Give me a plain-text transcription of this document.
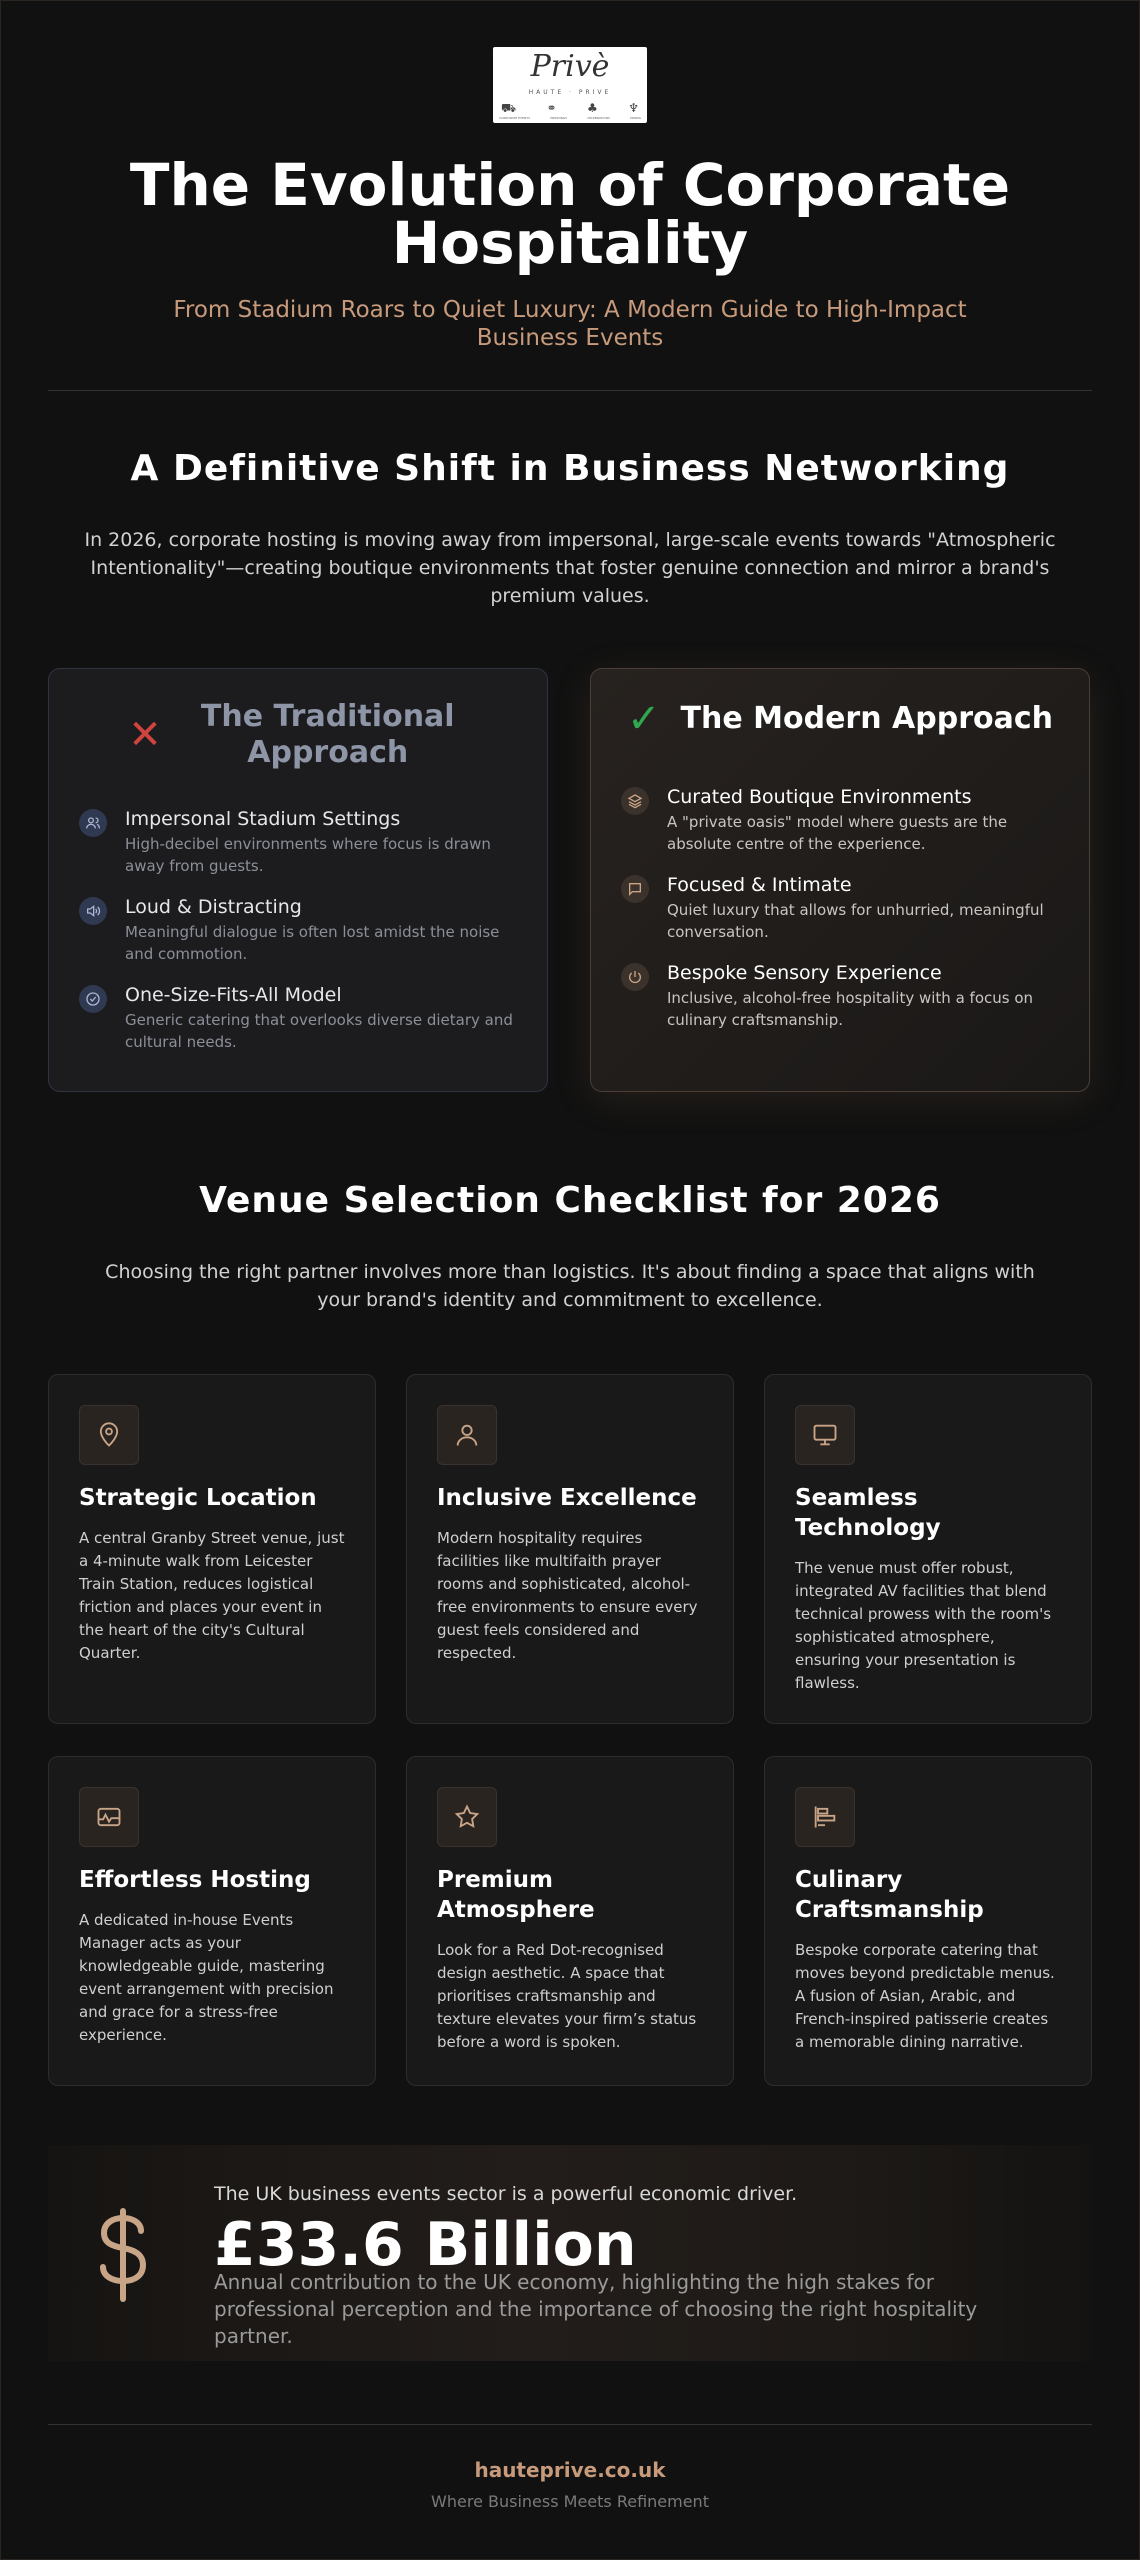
Privè
HAUTE · PRIVE
⛟	⚭	♣	♆
CORPORATE EVENTS	WEDDINGS	CELEBRATIONS	DINING
The Evolution of Corporate Hospitality
From Stadium Roars to Quiet Luxury: A Modern Guide to High-Impact Business Events
A Definitive Shift in Business Networking
In 2026, corporate hosting is moving away from impersonal, large-scale events towards "Atmospheric Intentionality"—creating boutique environments that foster genuine connection and mirror a brand's premium values.
✕	The Traditional Approach
Impersonal Stadium Settings
High-decibel environments where focus is drawn away from guests.
Loud & Distracting
Meaningful dialogue is often lost amidst the noise and commotion.
One-Size-Fits-All Model
Generic catering that overlooks diverse dietary and cultural needs.
✓ The Modern Approach
Curated Boutique Environments
A "private oasis" model where guests are the absolute centre of the experience.
Focused & Intimate
Quiet luxury that allows for unhurried, meaningful conversation.
Bespoke Sensory Experience
Inclusive, alcohol-free hospitality with a focus on culinary craftsmanship.
Venue Selection Checklist for 2026
Choosing the right partner involves more than logistics. It's about finding a space that aligns with your brand's identity and commitment to excellence.
Strategic Location
A central Granby Street venue, just a 4-minute walk from Leicester Train Station, reduces logistical friction and places your event in the heart of the city's Cultural Quarter.
Inclusive Excellence
Modern hospitality requires facilities like multifaith prayer rooms and sophisticated, alcohol-free environments to ensure every guest feels considered and respected.
Seamless Technology
The venue must offer robust, integrated AV facilities that blend technical prowess with the room's sophisticated atmosphere, ensuring your presentation is flawless.
Effortless Hosting
A dedicated in-house Events Manager acts as your knowledgeable guide, mastering event arrangement with precision and grace for a stress-free experience.
Premium Atmosphere
Look for a Red Dot-recognised design aesthetic. A space that prioritises craftsmanship and texture elevates your firm’s status before a word is spoken.
Culinary Craftsmanship
Bespoke corporate catering that moves beyond predictable menus. A fusion of Asian, Arabic, and French-inspired patisserie creates a memorable dining narrative.
The UK business events sector is a powerful economic driver.
£33.6 Billion
Annual contribution to the UK economy, highlighting the high stakes for professional perception and the importance of choosing the right hospitality partner.
hauteprive.co.uk
Where Business Meets Refinement
